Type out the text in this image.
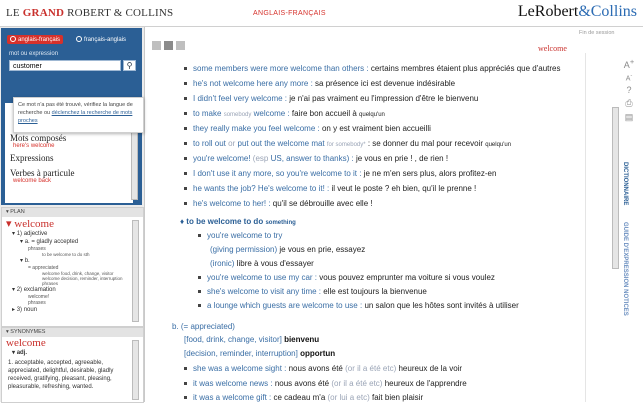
LE GRAND ROBERT & COLLINS	ANGLAIS-FRANÇAIS	LeRobert&Collins
anglais-français	français-anglais
mot ou expression
customer	⚲
Mots composés
here's welcome
Expressions
Verbes à particule
welcome back
Ce mot n'a pas été trouvé, vérifiez la langue de recherche ou déclenchez la recherche de mots proches
▾ PLAN
▾ welcome
▾ 1) adjective
▾ a. = gladly accepted
phrases
to be welcome to do sth
▾ b.
= appreciated
welcome food, drink, change, visitor
welcome decision, reminder, interruption
phrases
▾ 2) exclamation
welcome!
phrases
▸ 3) noun
▾ SYNONYMES
welcome
▾ adj.
1. acceptable, accepted, agreeable, appreciated, delightful, desirable, gladly received, gratifying, pleasant, pleasing, pleasurable, refreshing, wanted.
Fin de session
welcome
A+
A-
?
⎙
▤
DICTIONNAIRE
GUIDE D'EXPRESSION NOTICES
some members were more welcome than others : certains membres étaient plus appréciés que d'autres
he's not welcome here any more : sa présence ici est devenue indésirable
I didn't feel very welcome : je n'ai pas vraiment eu l'impression d'être le bienvenu
to make somebody welcome : faire bon accueil à quelqu'un
they really make you feel welcome : on y est vraiment bien accueilli
to roll out or put out the welcome mat for somebody* : se donner du mal pour recevoir quelqu'un
you're welcome! (esp US, answer to thanks) : je vous en prie ! , de rien !
I don't use it any more, so you're welcome to it : je ne m'en sers plus, alors profitez-en
he wants the job? He's welcome to it! : il veut le poste ? eh bien, qu'il le prenne !
he's welcome to her! : qu'il se débrouille avec elle !
♦ to be welcome to do something
you're welcome to try
(giving permission) je vous en prie, essayez
(ironic) libre à vous d'essayer
you're welcome to use my car : vous pouvez emprunter ma voiture si vous voulez
she's welcome to visit any time : elle est toujours la bienvenue
a lounge which guests are welcome to use : un salon que les hôtes sont invités à utiliser
b. (= appreciated)
[food, drink, change, visitor] bienvenu
[decision, reminder, interruption] opportun
she was a welcome sight : nous avons été (or il a été etc) heureux de la voir
it was welcome news : nous avons été (or il a été etc) heureux de l'apprendre
it was a welcome gift : ce cadeau m'a (or lui a etc) fait bien plaisir
